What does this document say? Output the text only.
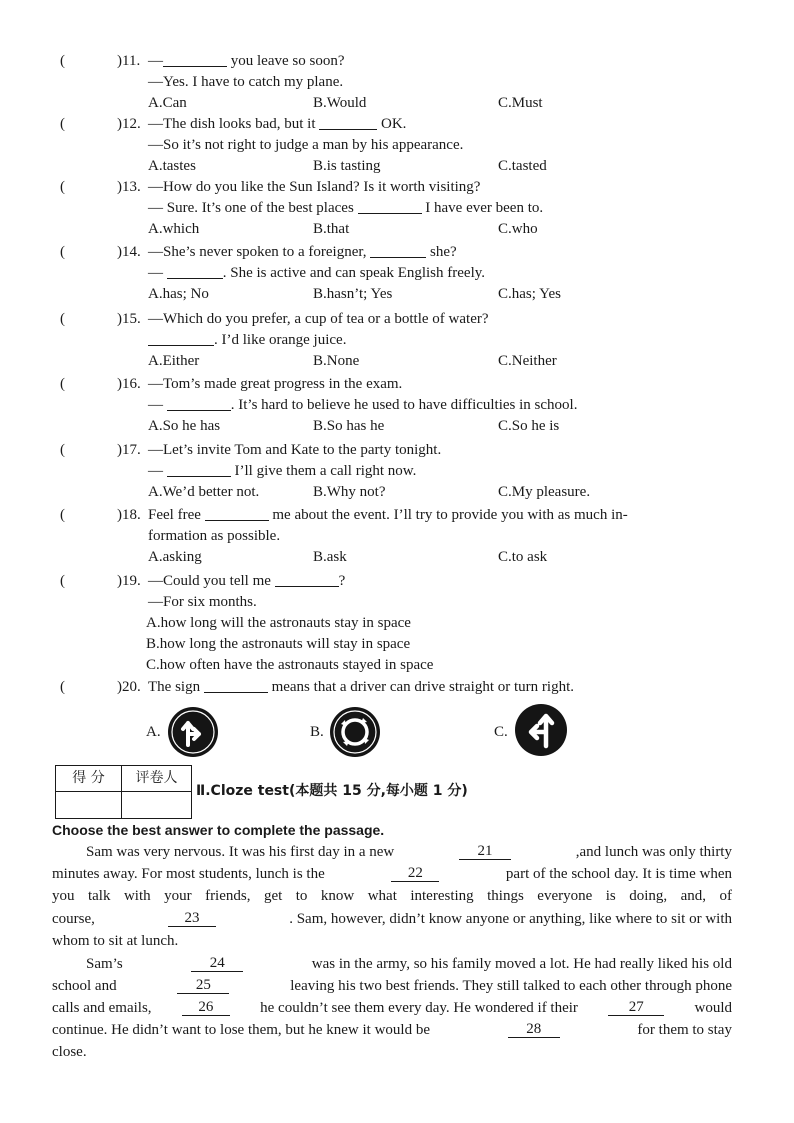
(	)11. —	you leave so soon?
—Yes. I have to catch my plane.
A.Can	B.Would	C.Must
(	)12. —The dish looks bad, but it	OK.
—So it’s not right to judge a man by his appearance.
A.tastes	B.is tasting	C.tasted
(	)13. —How do you like the Sun Island? Is it worth visiting?
— Sure. It’s one of the best places	I have ever been to.
A.which	B.that	C.who
(	)14. —She’s never spoken to a foreigner,	she?
—	. She is active and can speak English freely.
A.has; No	B.hasn’t; Yes	C.has; Yes
(	)15. —Which do you prefer, a cup of tea or a bottle of water?
. I’d like orange juice.
A.Either	B.None	C.Neither
(	)16. —Tom’s made great progress in the exam.
—	. It’s hard to believe he used to have difficulties in school.
A.So he has	B.So has he	C.So he is
(	)17. —Let’s invite Tom and Kate to the party tonight.
—	I’ll give them a call right now.
A.We’d better not.	B.Why not?	C.My pleasure.
(	)18. Feel free	me about the event. I’ll try to provide you with as much in-
formation as possible.
A.asking	B.ask	C.to ask
(	)19. —Could you tell me	?
—For six months.
A.how long will the astronauts stay in space
B.how long the astronauts will stay in space
C.how often have the astronauts stayed in space
(	)20. The sign	means that a driver can drive straight or turn right.
A.	B.	C.
得 分	评卷人
Ⅱ.Cloze test(本题共 15 分,每小题 1 分)
Choose the best answer to complete the passage.
Sam was very nervous. It was his first day in a new	21	,and lunch was only thirty
minutes away. For most students, lunch is the	22	part of the school day. It is time when
you talk with your friends, get to know what interesting things everyone is doing, and, of
course,	23	. Sam, however, didn’t know anyone or anything, like where to sit or with
whom to sit at lunch.
Sam’s	24	was in the army, so his family moved a lot. He had really liked his old
school and	25	leaving his two best friends. They still talked to each other through phone
calls and emails,	26	he couldn’t see them every day. He wondered if their	27	would
continue. He didn’t want to lose them, but he knew it would be	28	for them to stay
close.
